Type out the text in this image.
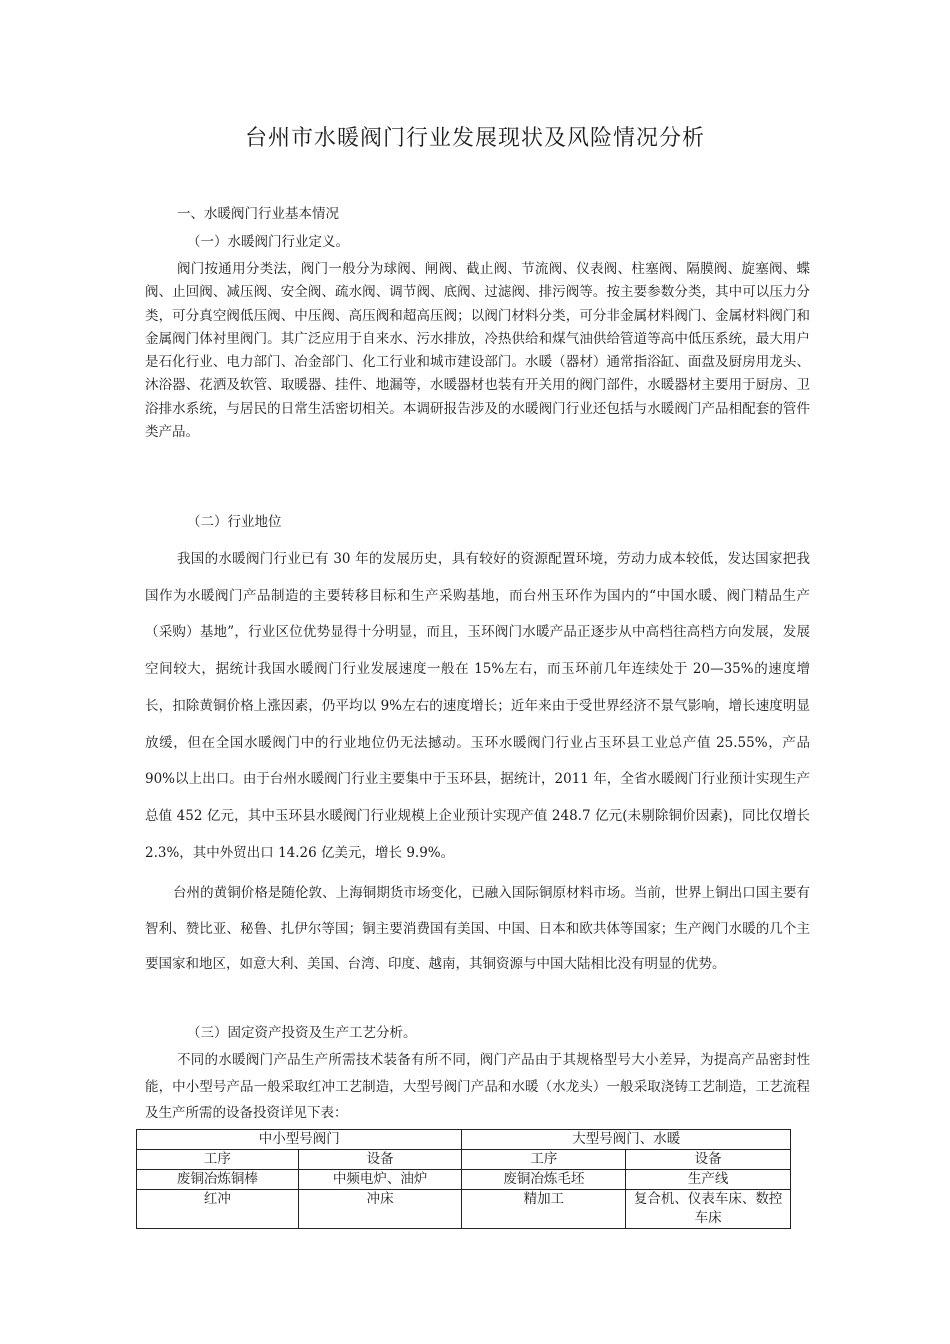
台州市水暖阀门行业发展现状及风险情况分析
一、水暖阀门行业基本情况
（一）水暖阀门行业定义。
阀门按通用分类法，阀门一般分为球阀、闸阀、截止阀、节流阀、仪表阀、柱塞阀、隔膜阀、旋塞阀、蝶阀、止回阀、减压阀、安全阀、疏水阀、调节阀、底阀、过滤阀、排污阀等。按主要参数分类，其中可以压力分类，可分真空阀低压阀、中压阀、高压阀和超高压阀；以阀门材料分类，可分非金属材料阀门、金属材料阀门和金属阀门体衬里阀门。其广泛应用于自来水、污水排放，冷热供给和煤气油供给管道等高中低压系统，最大用户是石化行业、电力部门、冶金部门、化工行业和城市建设部门。水暖（器材）通常指浴缸、面盘及厨房用龙头、沐浴器、花洒及软管、取暖器、挂件、地漏等，水暖器材也装有开关用的阀门部件，水暖器材主要用于厨房、卫浴排水系统，与居民的日常生活密切相关。本调研报告涉及的水暖阀门行业还包括与水暖阀门产品相配套的管件类产品。
（二）行业地位
我国的水暖阀门行业已有 30 年的发展历史，具有较好的资源配置环境，劳动力成本较低，发达国家把我国作为水暖阀门产品制造的主要转移目标和生产采购基地，而台州玉环作为国内的“中国水暖、阀门精品生产（采购）基地”，行业区位优势显得十分明显，而且，玉环阀门水暖产品正逐步从中高档往高档方向发展，发展空间较大，据统计我国水暖阀门行业发展速度一般在 15%左右，而玉环前几年连续处于 20—35%的速度增长，扣除黄铜价格上涨因素，仍平均以 9%左右的速度增长；近年来由于受世界经济不景气影响，增长速度明显放缓，但在全国水暖阀门中的行业地位仍无法撼动。玉环水暖阀门行业占玉环县工业总产值 25.55%，产品 90%以上出口。由于台州水暖阀门行业主要集中于玉环县，据统计，2011 年，全省水暖阀门行业预计实现生产总值 452 亿元，其中玉环县水暖阀门行业规模上企业预计实现产值 248.7 亿元(未剔除铜价因素)，同比仅增长 2.3%，其中外贸出口 14.26 亿美元，增长 9.9%。
台州的黄铜价格是随伦敦、上海铜期货市场变化，已融入国际铜原材料市场。当前，世界上铜出口国主要有智利、赞比亚、秘鲁、扎伊尔等国；铜主要消费国有美国、中国、日本和欧共体等国家；生产阀门水暖的几个主要国家和地区，如意大利、美国、台湾、印度、越南，其铜资源与中国大陆相比没有明显的优势。
（三）固定资产投资及生产工艺分析。
不同的水暖阀门产品生产所需技术装备有所不同，阀门产品由于其规格型号大小差异，为提高产品密封性能，中小型号产品一般采取红冲工艺制造，大型号阀门产品和水暖（水龙头）一般采取浇铸工艺制造，工艺流程及生产所需的设备投资详见下表：
中小型号阀门		大型号阀门、水暖	
工序	设备	工序	设备
废铜冶炼铜棒	中频电炉、油炉	废铜冶炼毛坯	生产线
红冲	冲床	精加工	复合机、仪表车床、数控车床
